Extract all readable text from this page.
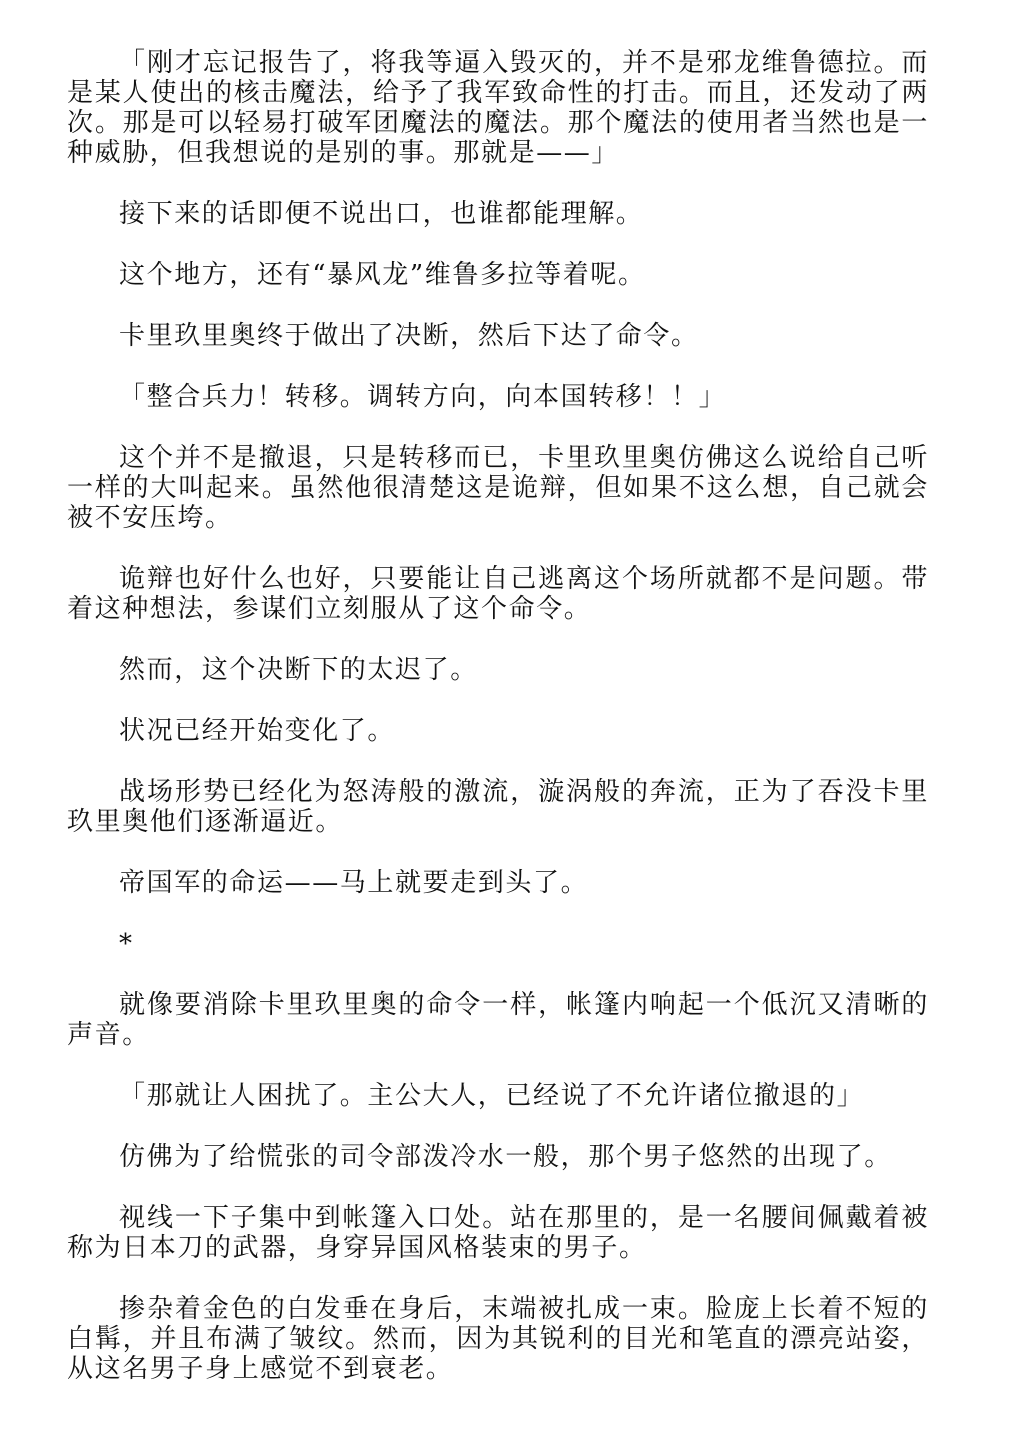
「刚才忘记报告了，将我等逼入毁灭的，并不是邪龙维鲁德拉。而是某人使出的核击魔法，给予了我军致命性的打击。而且，还发动了两次。那是可以轻易打破军团魔法的魔法。那个魔法的使用者当然也是一种威胁，但我想说的是别的事。那就是——」

接下来的话即便不说出口，也谁都能理解。

这个地方，还有“暴风龙”维鲁多拉等着呢。

卡里玖里奥终于做出了决断，然后下达了命令。

「整合兵力！转移。调转方向，向本国转移！！」

这个并不是撤退，只是转移而已，卡里玖里奥仿佛这么说给自己听一样的大叫起来。虽然他很清楚这是诡辩，但如果不这么想，自己就会被不安压垮。

诡辩也好什么也好，只要能让自己逃离这个场所就都不是问题。带着这种想法，参谋们立刻服从了这个命令。

然而，这个决断下的太迟了。

状况已经开始变化了。

战场形势已经化为怒涛般的激流，漩涡般的奔流，正为了吞没卡里玖里奥他们逐渐逼近。

帝国军的命运——马上就要走到头了。

*

就像要消除卡里玖里奥的命令一样，帐篷内响起一个低沉又清晰的声音。

「那就让人困扰了。主公大人，已经说了不允许诸位撤退的」

仿佛为了给慌张的司令部泼冷水一般，那个男子悠然的出现了。

视线一下子集中到帐篷入口处。站在那里的，是一名腰间佩戴着被称为日本刀的武器，身穿异国风格装束的男子。

掺杂着金色的白发垂在身后，末端被扎成一束。脸庞上长着不短的白髯，并且布满了皱纹。然而，因为其锐利的目光和笔直的漂亮站姿，从这名男子身上感觉不到衰老。
